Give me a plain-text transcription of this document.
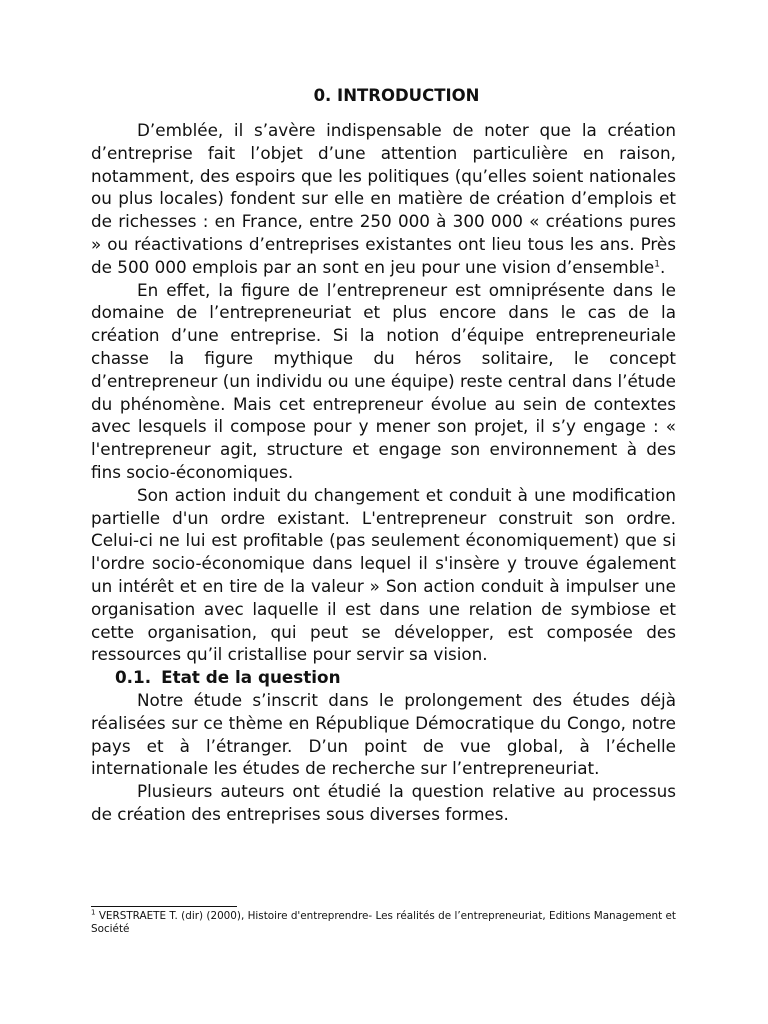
0. INTRODUCTION

D’emblée, il s’avère indispensable de noter que la création d’entreprise fait l’objet d’une attention particulière en raison, notamment, des espoirs que les politiques (qu’elles soient nationales ou plus locales) fondent sur elle en matière de création d’emplois et de richesses : en France, entre 250 000 à 300 000 « créations pures » ou réactivations d’entreprises existantes ont lieu tous les ans. Près de 500 000 emplois par an sont en jeu pour une vision d’ensemble$^1$.

En effet, la figure de l’entrepreneur est omniprésente dans le domaine de l’entrepreneuriat et plus encore dans le cas de la création d’une entreprise. Si la notion d’équipe entrepreneuriale chasse la figure mythique du héros solitaire, le concept d’entrepreneur (un individu ou une équipe) reste central dans l’étude du phénomène. Mais cet entrepreneur évolue au sein de contextes avec lesquels il compose pour y mener son projet, il s’y engage : « l'entrepreneur agit, structure et engage son environnement à des fins socio-économiques.

Son action induit du changement et conduit à une modification partielle d'un ordre existant. L'entrepreneur construit son ordre. Celui-ci ne lui est profitable (pas seulement économiquement) que si l'ordre socio-économique dans lequel il s'insère y trouve également un intérêt et en tire de la valeur » Son action conduit à impulser une organisation avec laquelle il est dans une relation de symbiose et cette organisation, qui peut se développer, est composée des ressources qu’il cristallise pour servir sa vision.

0.1. Etat de la question

Notre étude s’inscrit dans le prolongement des études déjà réalisées sur ce thème en République Démocratique du Congo, notre pays et à l’étranger. D’un point de vue global, à l’échelle internationale les études de recherche sur l’entrepreneuriat.

Plusieurs auteurs ont étudié la question relative au processus de création des entreprises sous diverses formes.

$^1$ VERSTRAETE T. (dir) (2000), Histoire d'entreprendre- Les réalités de l’entrepreneuriat, Editions Management et Société
